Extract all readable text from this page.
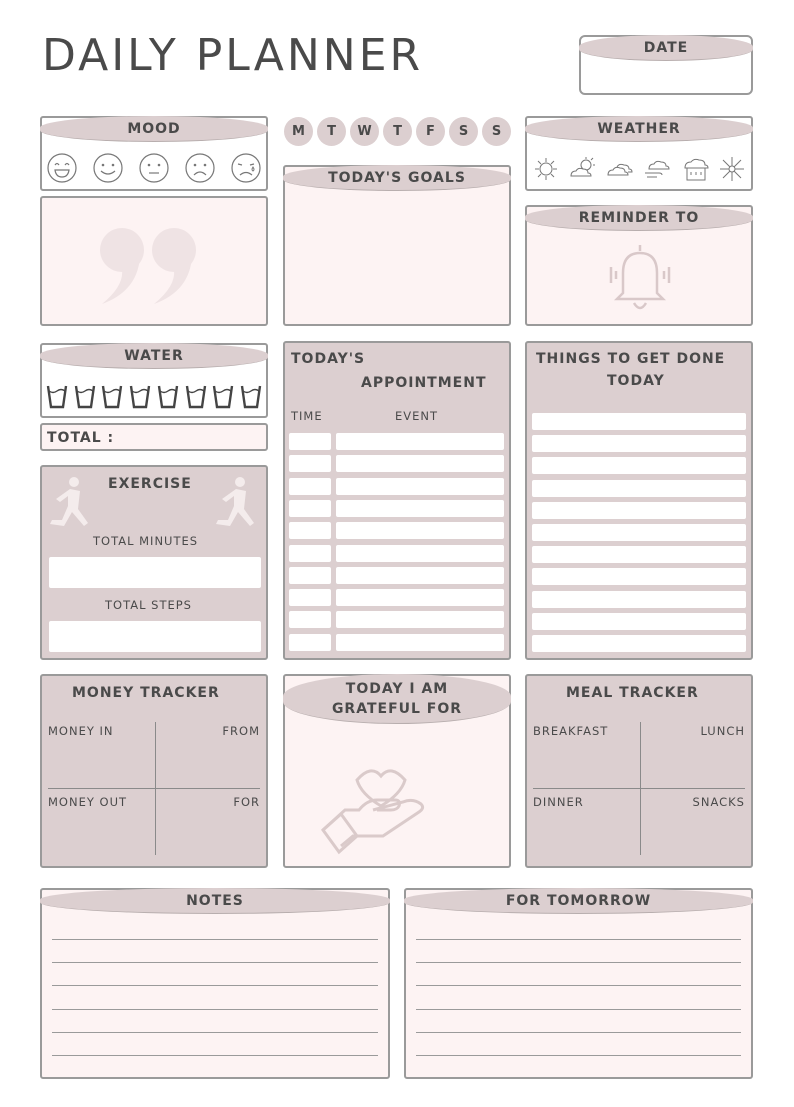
DAILY PLANNER	DATE
MOOD	M	T	W	T	F	S	S	WEATHER
TODAY'S GOALS
REMINDER TO
WATER
TOTAL :
EXERCISE
TOTAL MINUTES
TOTAL STEPS
TODAY'S
APPOINTMENT
TIME	EVENT
THINGS TO GET DONE
TODAY
MONEY TRACKER
MONEY IN	FROM
MONEY OUT	FOR
TODAY I AM
GRATEFUL FOR
MEAL TRACKER
BREAKFAST	LUNCH
DINNER	SNACKS
NOTES	FOR TOMORROW
